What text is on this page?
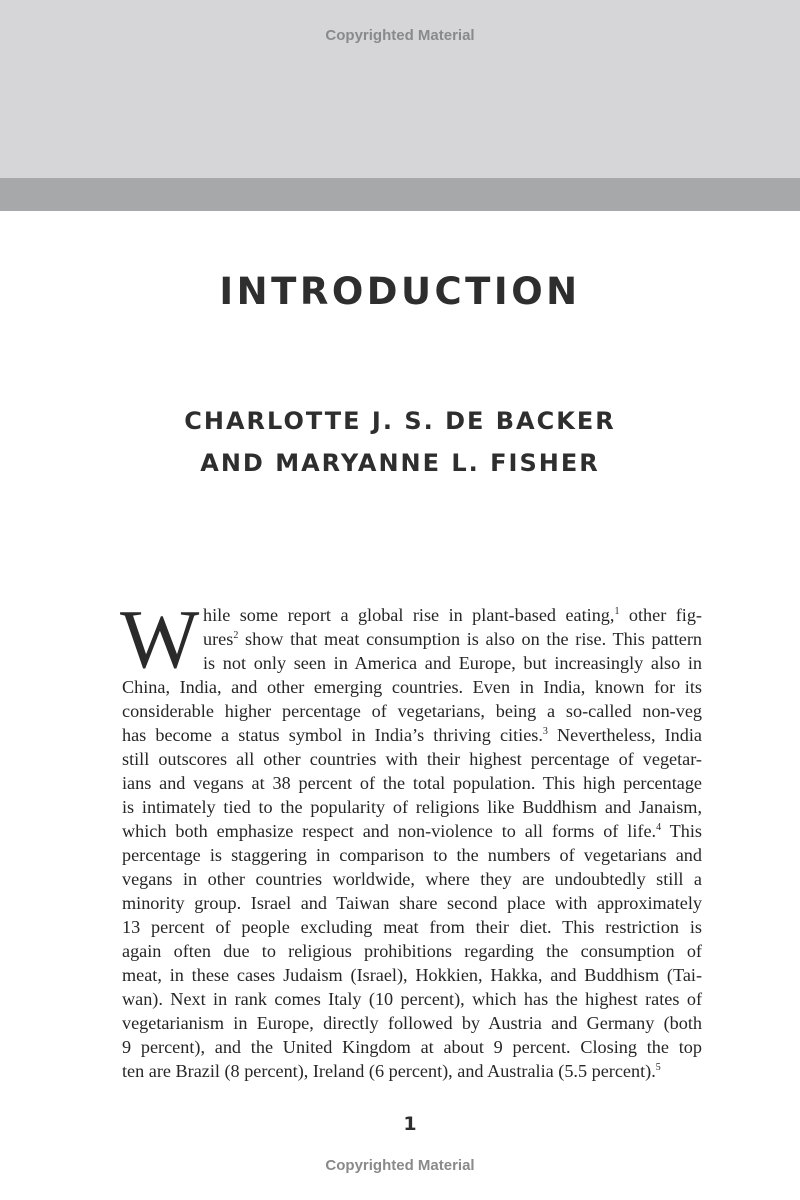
Copyrighted Material
INTRODUCTION
CHARLOTTE J. S. DE BACKER
AND MARYANNE L. FISHER
W hile some report a global rise in plant-based eating,$^1$ other fig-
ures$^2$ show that meat consumption is also on the rise. This pattern
is not only seen in America and Europe, but increasingly also in
China, India, and other emerging countries. Even in India, known for its
considerable higher percentage of vegetarians, being a so-called non-veg
has become a status symbol in India’s thriving cities.$^3$ Nevertheless, India
still outscores all other countries with their highest percentage of vegetar-
ians and vegans at 38 percent of the total population. This high percentage
is intimately tied to the popularity of religions like Buddhism and Janaism,
which both emphasize respect and non-violence to all forms of life.$^4$ This
percentage is staggering in comparison to the numbers of vegetarians and
vegans in other countries worldwide, where they are undoubtedly still a
minority group. Israel and Taiwan share second place with approximately
13 percent of people excluding meat from their diet. This restriction is
again often due to religious prohibitions regarding the consumption of
meat, in these cases Judaism (Israel), Hokkien, Hakka, and Buddhism (Tai-
wan). Next in rank comes Italy (10 percent), which has the highest rates of
vegetarianism in Europe, directly followed by Austria and Germany (both
9 percent), and the United Kingdom at about 9 percent. Closing the top
ten are Brazil (8 percent), Ireland (6 percent), and Australia (5.5 percent).$^5$
1
Copyrighted Material
